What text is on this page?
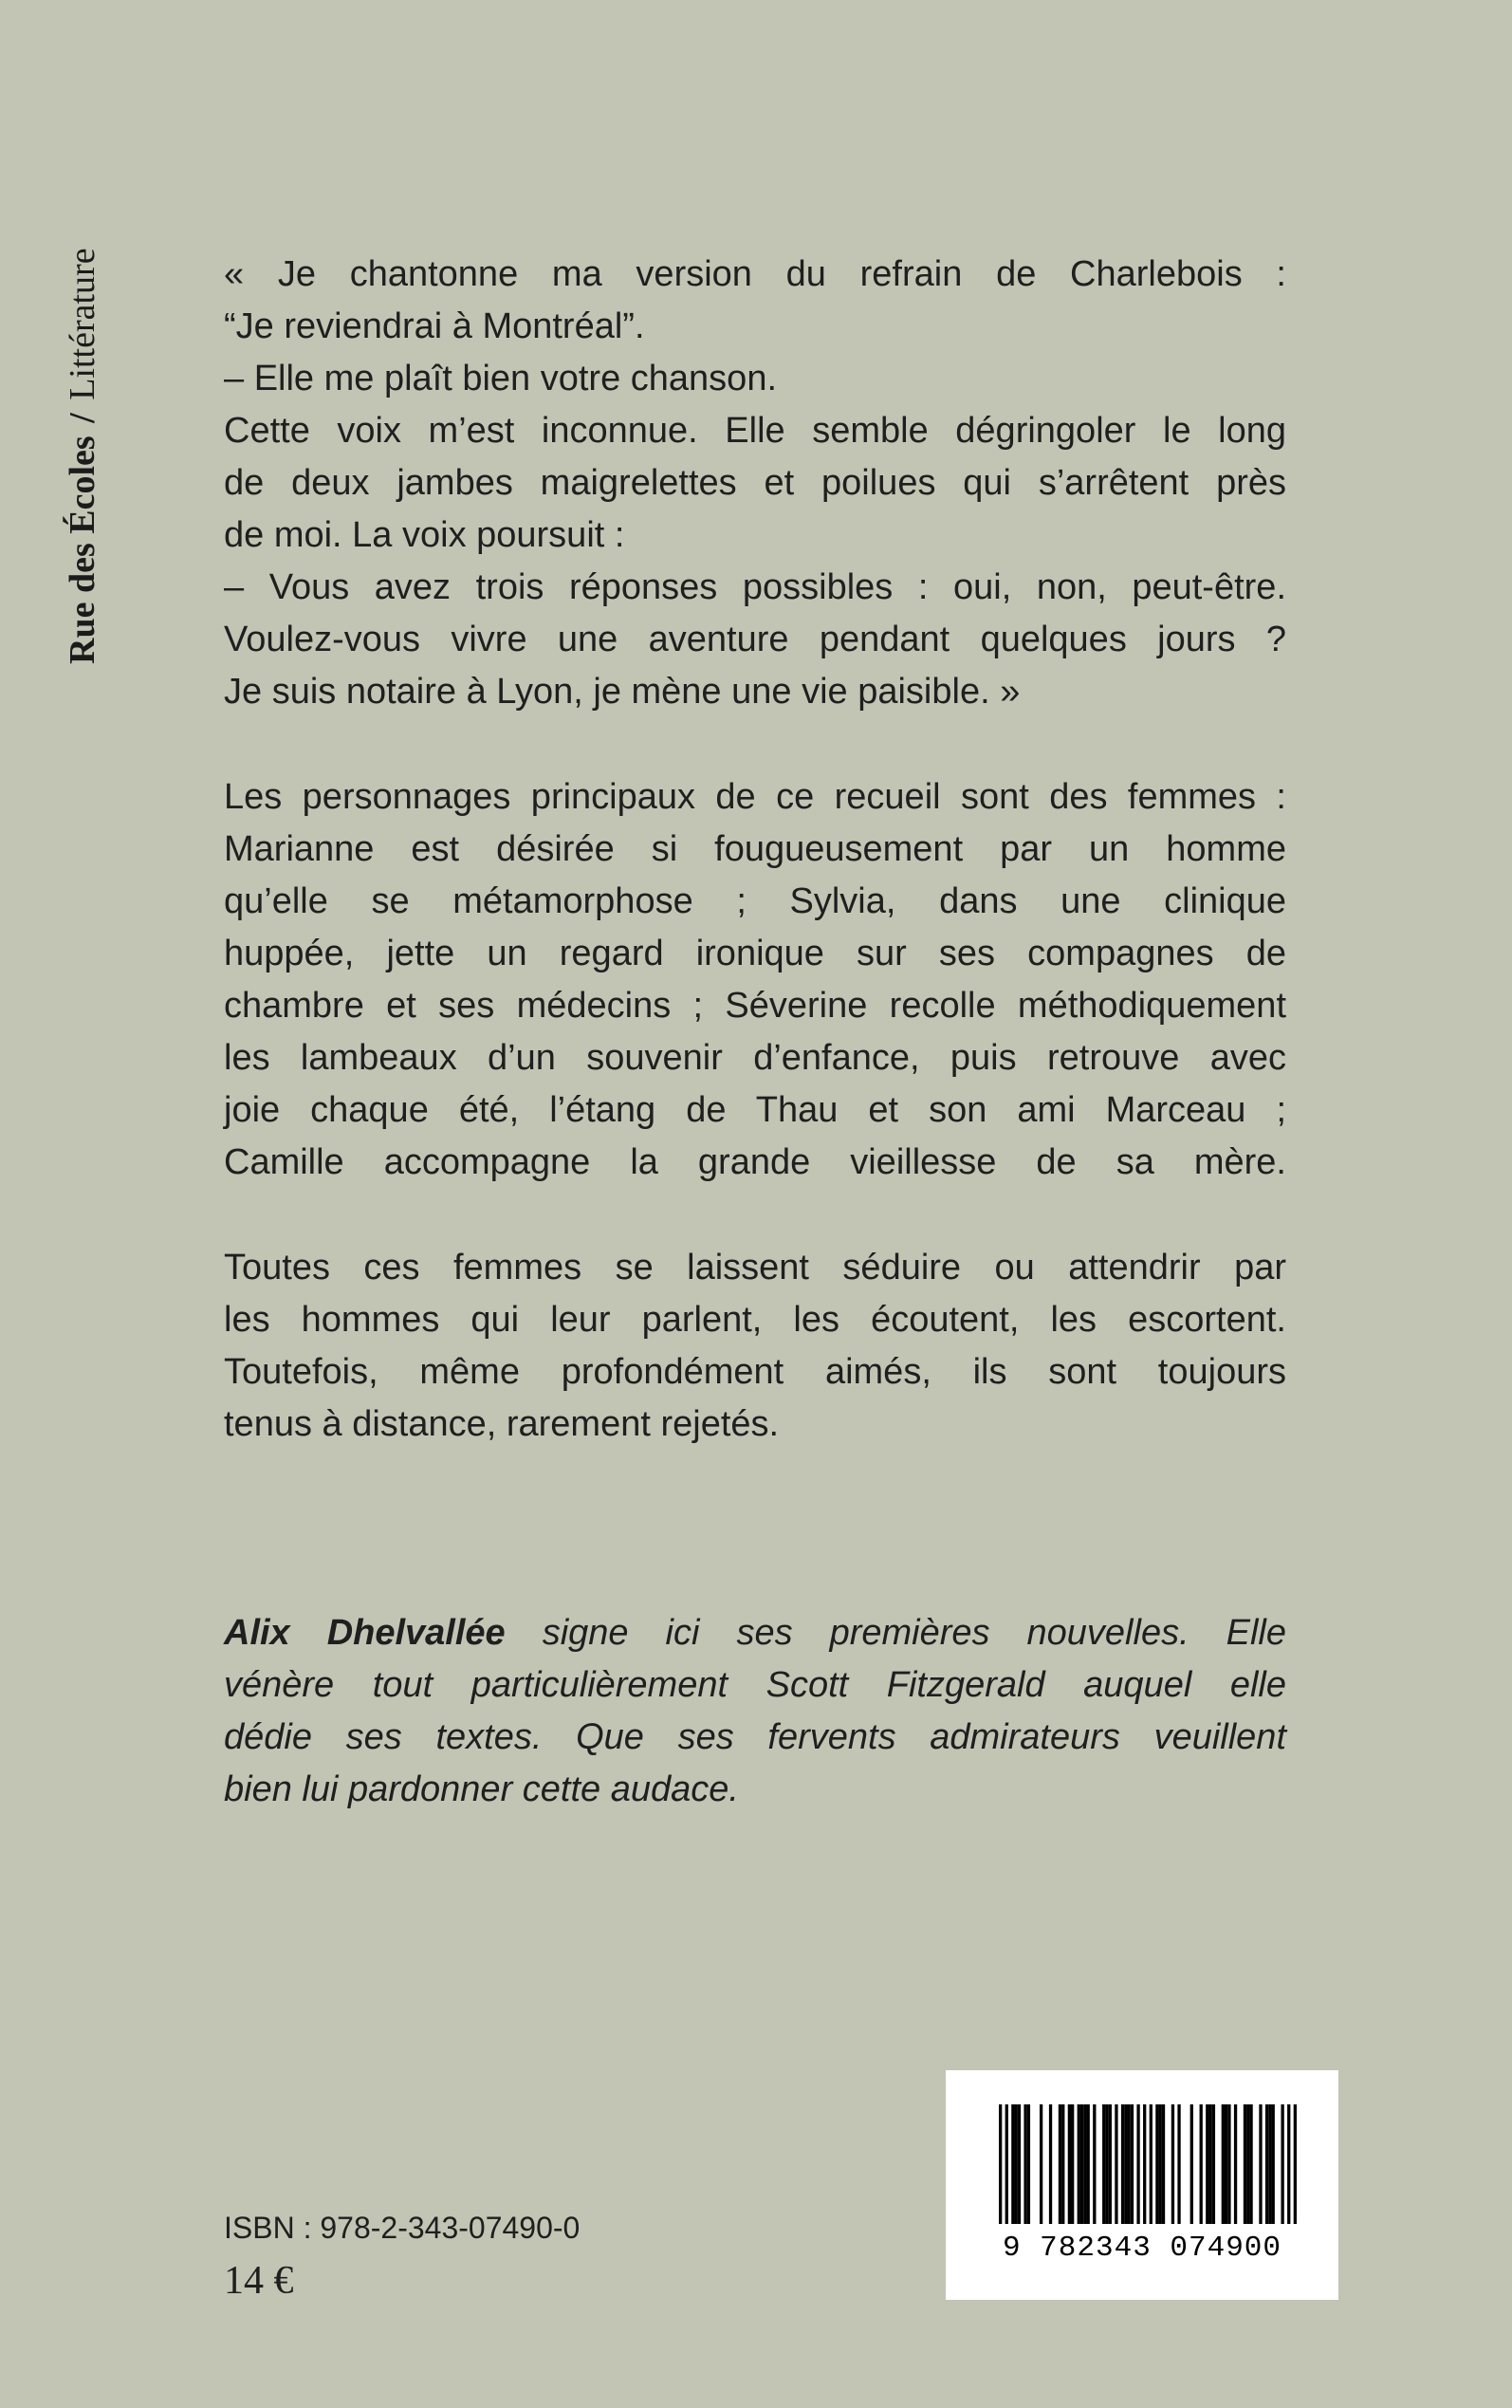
Rue des Écoles / Littérature	« Je chantonne ma version du refrain de Charlebois :
“Je reviendrai à Montréal”.
– Elle me plaît bien votre chanson.
Cette voix m’est inconnue. Elle semble dégringoler le long
de deux jambes maigrelettes et poilues qui s’arrêtent près
de moi. La voix poursuit :
– Vous avez trois réponses possibles : oui, non, peut-être.
Voulez-vous vivre une aventure pendant quelques jours ?
Je suis notaire à Lyon, je mène une vie paisible. »
Les personnages principaux de ce recueil sont des femmes :
Marianne est désirée si fougueusement par un homme
qu’elle se métamorphose ; Sylvia, dans une clinique
huppée, jette un regard ironique sur ses compagnes de
chambre et ses médecins ; Séverine recolle méthodiquement
les lambeaux d’un souvenir d’enfance, puis retrouve avec
joie chaque été, l’étang de Thau et son ami Marceau ;
Camille accompagne la grande vieillesse de sa mère.
Toutes ces femmes se laissent séduire ou attendrir par
les hommes qui leur parlent, les écoutent, les escortent.
Toutefois, même profondément aimés, ils sont toujours
tenus à distance, rarement rejetés.
Alix Dhelvallée signe ici ses premières nouvelles. Elle
vénère tout particulièrement Scott Fitzgerald auquel elle
dédie ses textes. Que ses fervents admirateurs veuillent
bien lui pardonner cette audace.
ISBN : 978-2-343-07490-0
14 €
9 782343 074900
